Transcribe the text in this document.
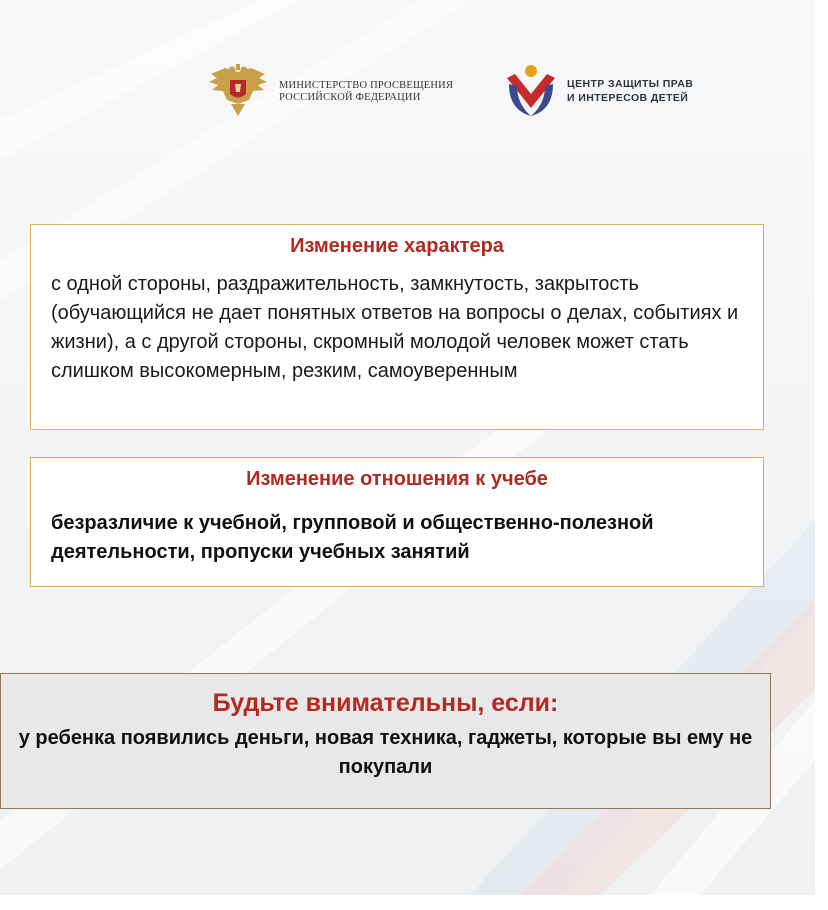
МИНИСТЕРСТВО ПРОСВЕЩЕНИЯ
РОССИЙСКОЙ ФЕДЕРАЦИИ
ЦЕНТР ЗАЩИТЫ ПРАВ
И ИНТЕРЕСОВ ДЕТЕЙ
Изменение характера
с одной стороны, раздражительность, замкнутость, закрытость (обучающийся не дает понятных ответов на вопросы о делах, событиях и жизни), а с другой стороны, скромный молодой человек может стать слишком высокомерным, резким, самоуверенным
Изменение отношения к учебе
безразличие к учебной, групповой и общественно-полезной деятельности, пропуски учебных занятий
Будьте внимательны, если:
у ребенка появились деньги, новая техника, гаджеты, которые вы ему не покупали
